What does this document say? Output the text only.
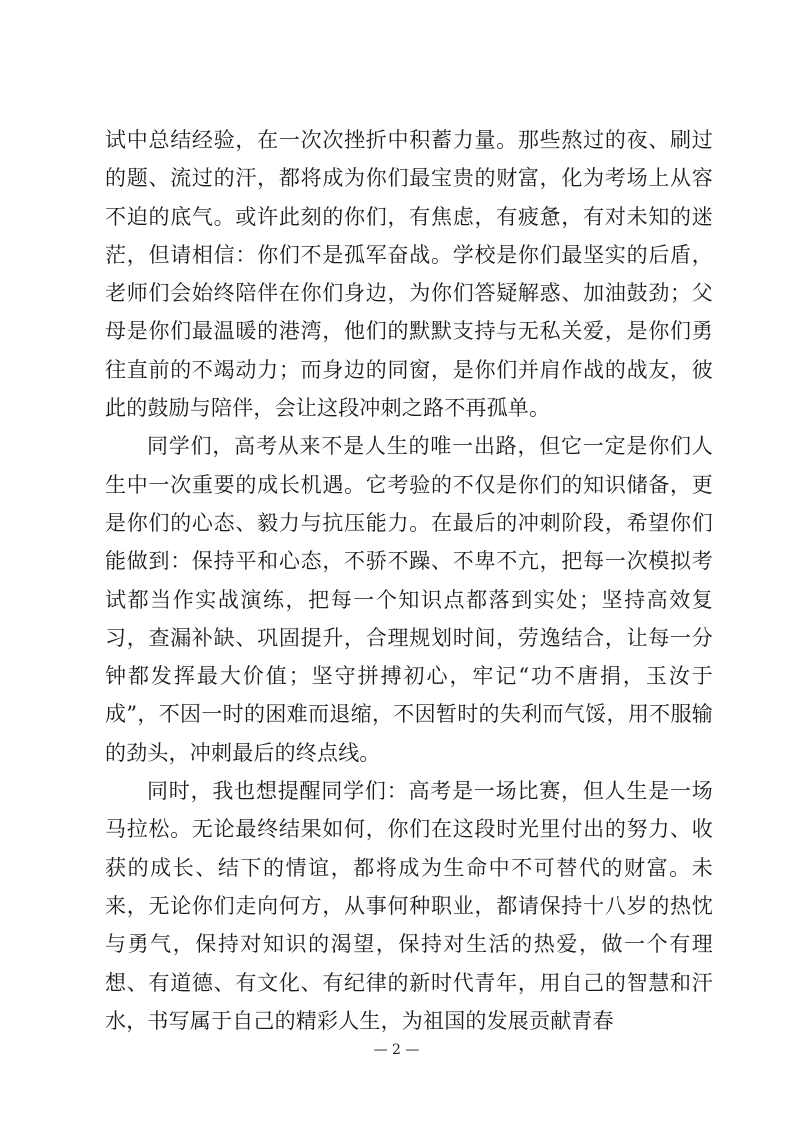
试中总结经验，在一次次挫折中积蓄力量。那些熬过的夜、刷过的题、流过的汗，都将成为你们最宝贵的财富，化为考场上从容不迫的底气。或许此刻的你们，有焦虑，有疲惫，有对未知的迷茫，但请相信：你们不是孤军奋战。学校是你们最坚实的后盾，老师们会始终陪伴在你们身边，为你们答疑解惑、加油鼓劲；父母是你们最温暖的港湾，他们的默默支持与无私关爱，是你们勇往直前的不竭动力；而身边的同窗，是你们并肩作战的战友，彼此的鼓励与陪伴，会让这段冲刺之路不再孤单。

同学们，高考从来不是人生的唯一出路，但它一定是你们人生中一次重要的成长机遇。它考验的不仅是你们的知识储备，更是你们的心态、毅力与抗压能力。在最后的冲刺阶段，希望你们能做到：保持平和心态，不骄不躁、不卑不亢，把每一次模拟考试都当作实战演练，把每一个知识点都落到实处；坚持高效复习，查漏补缺、巩固提升，合理规划时间，劳逸结合，让每一分钟都发挥最大价值；坚守拼搏初心，牢记“功不唐捐，玉汝于成”，不因一时的困难而退缩，不因暂时的失利而气馁，用不服输的劲头，冲刺最后的终点线。

同时，我也想提醒同学们：高考是一场比赛，但人生是一场马拉松。无论最终结果如何，你们在这段时光里付出的努力、收获的成长、结下的情谊，都将成为生命中不可替代的财富。未来，无论你们走向何方，从事何种职业，都请保持十八岁的热忱与勇气，保持对知识的渴望，保持对生活的热爱，做一个有理想、有道德、有文化、有纪律的新时代青年，用自己的智慧和汗水，书写属于自己的精彩人生，为祖国的发展贡献青春

— 2 —
